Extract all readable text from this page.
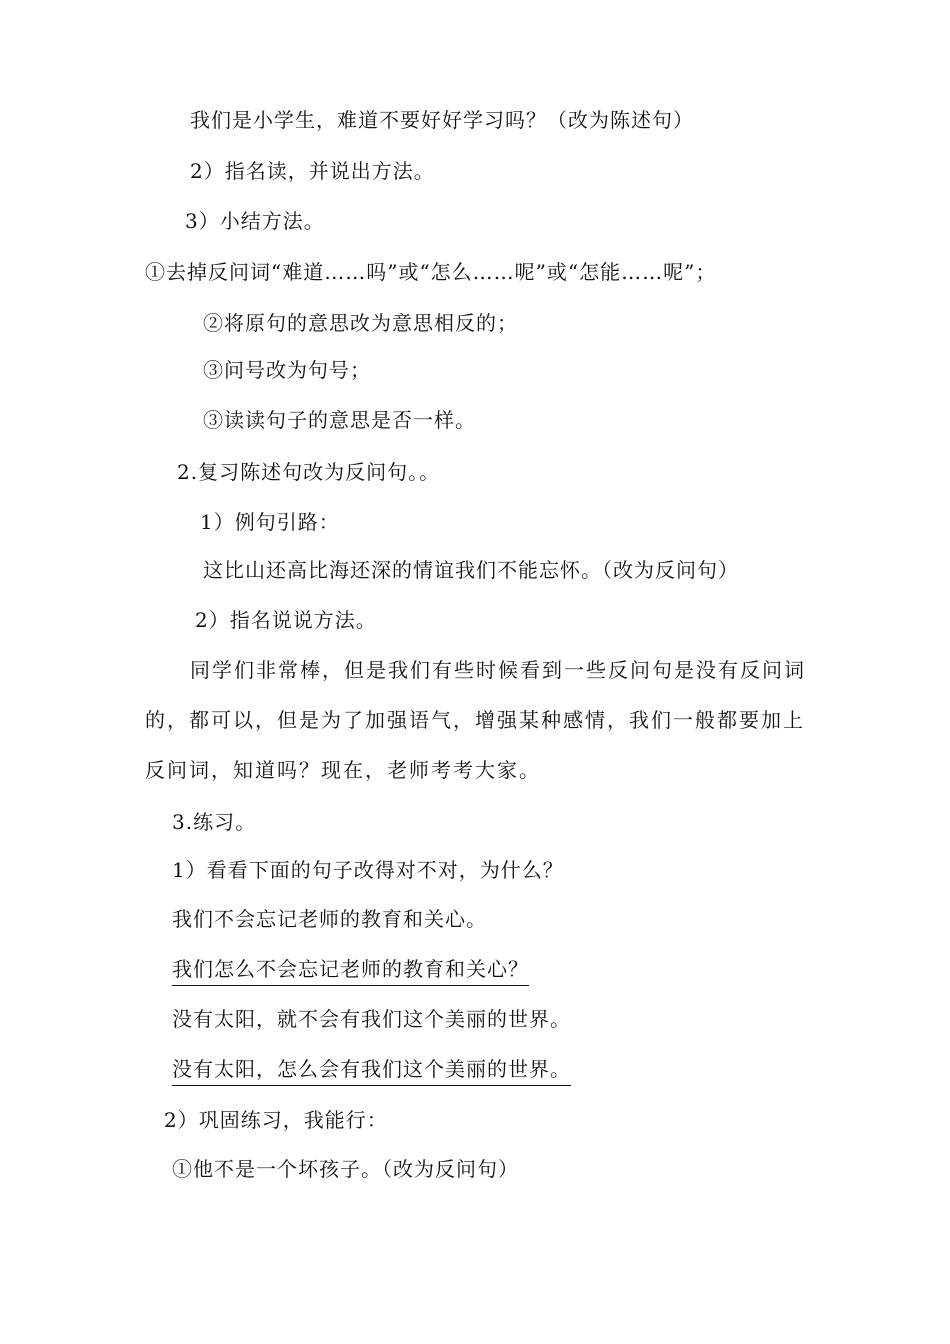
我们是小学生，难道不要好好学习吗？（改为陈述句）
2）指名读，并说出方法。
3）小结方法。
①去掉反问词“难道……吗”或“怎么……呢”或“怎能……呢”；
②将原句的意思改为意思相反的；
③问号改为句号；
③读读句子的意思是否一样。
2.复习陈述句改为反问句。。
1）例句引路：
这比山还高比海还深的情谊我们不能忘怀。（改为反问句）
2）指名说说方法。
同学们非常棒，但是我们有些时候看到一些反问句是没有反问词
的，都可以，但是为了加强语气，增强某种感情，我们一般都要加上
反问词，知道吗？现在，老师考考大家。
3.练习。
1）看看下面的句子改得对不对，为什么？
我们不会忘记老师的教育和关心。
我们怎么不会忘记老师的教育和关心？
没有太阳，就不会有我们这个美丽的世界。
没有太阳，怎么会有我们这个美丽的世界。
2）巩固练习，我能行：
①他不是一个坏孩子。（改为反问句）
